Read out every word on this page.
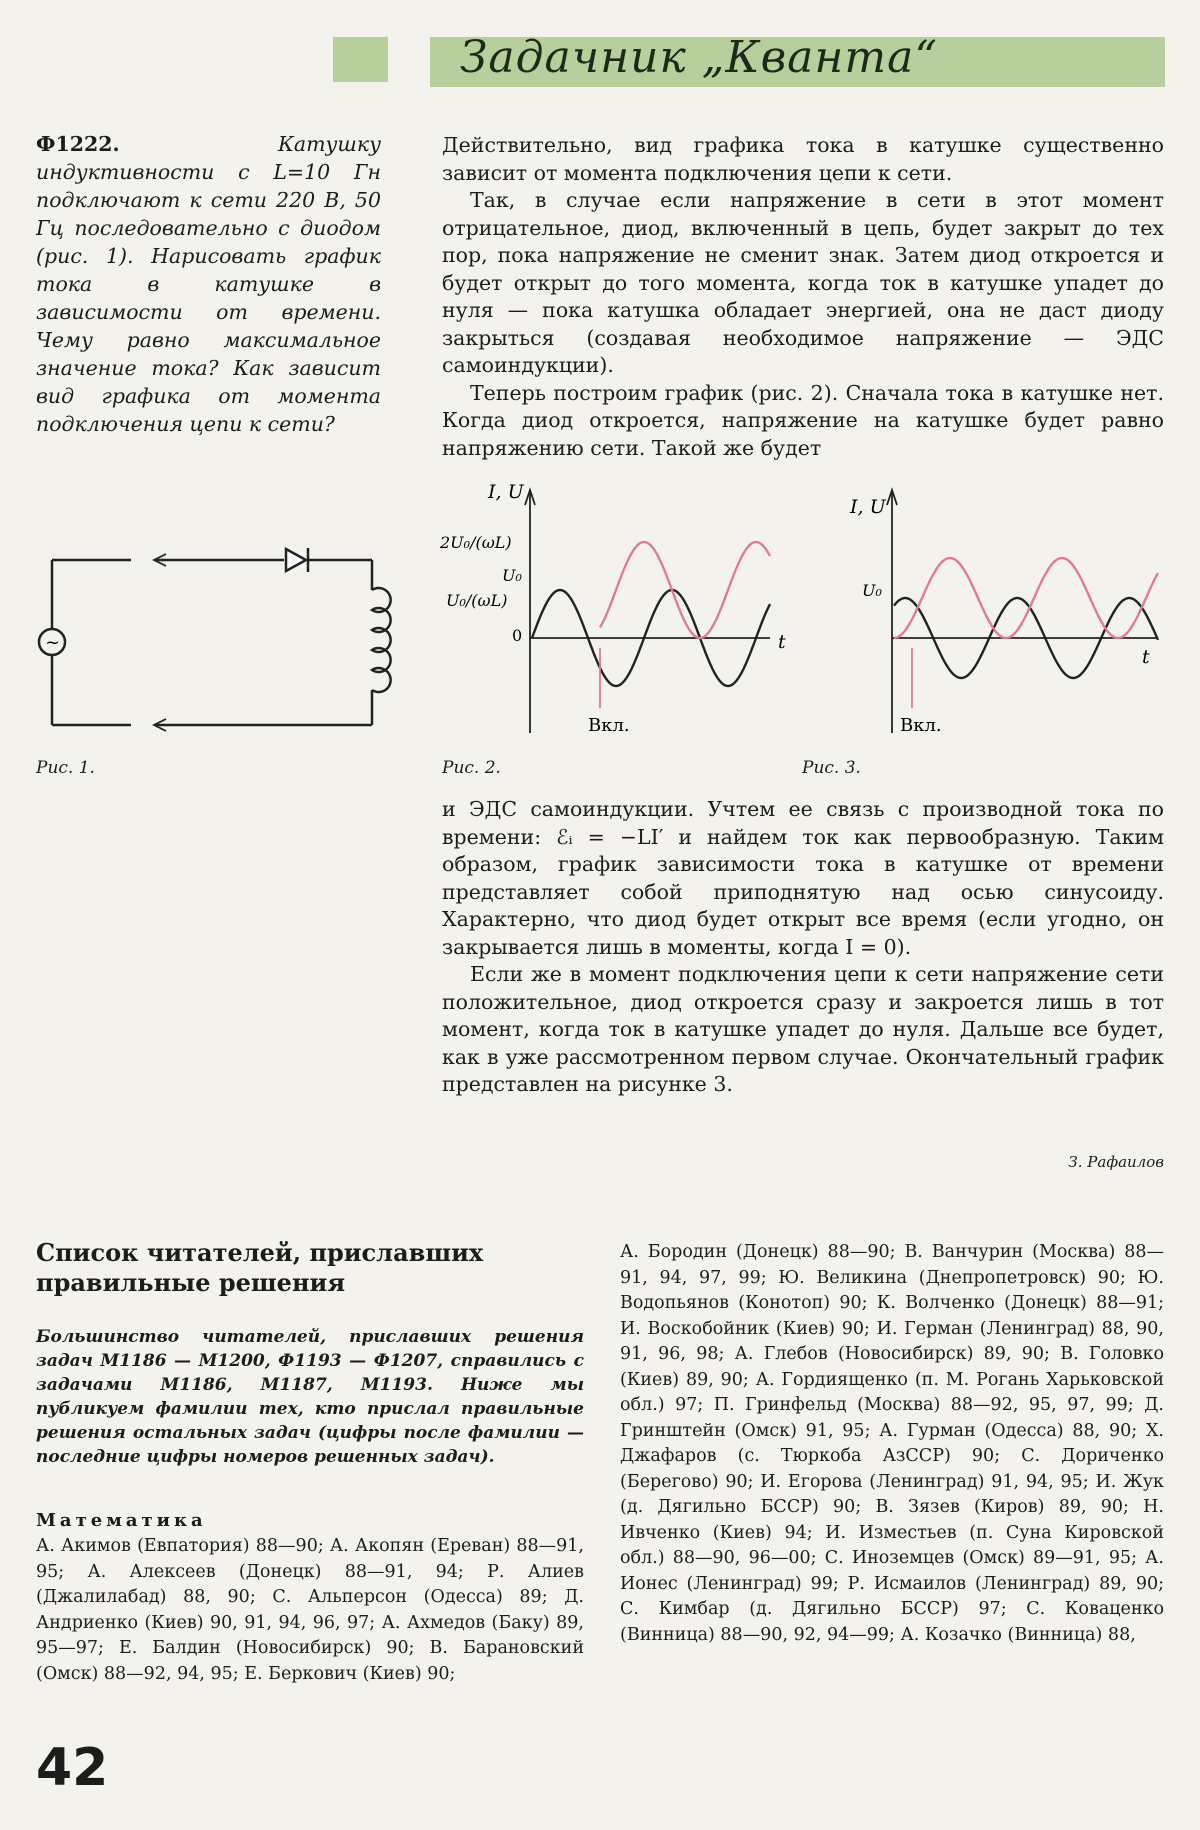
Задачник „Кванта“
Ф1222.	Катушку индуктивности с L=10 Гн подключают к сети 220 В, 50 Гц последовательно с диодом (рис. 1). Нарисовать график тока в катушке в зависимости от времени. Чему равно максимальное значение тока? Как зависит вид графика от момента подключения цепи к сети?

Действительно, вид графика тока в катушке существенно зависит от момента подключения цепи к сети.

Так, в случае если напряжение в сети в этот момент отрицательное, диод, включенный в цепь, будет закрыт до тех пор, пока напряжение не сменит знак. Затем диод откроется и будет открыт до того момента, когда ток в катушке упадет до нуля — пока катушка обладает энергией, она не даст диоду закрыться (создавая необходимое напряжение — ЭДС самоиндукции).

Теперь построим график (рис. 2). Сначала тока в катушке нет. Когда диод откроется, напряжение на катушке будет равно напряжению сети. Такой же будет

~
Рис. 1.
I, U
t
2U₀/(ωL)
U₀/(ωL)
U₀
0
Вкл.
Рис. 2.
I, U
t
U₀
Вкл.
Рис. 3.

и ЭДС самоиндукции. Учтем ее связь с производной тока по времени: ℰᵢ = −LI′ и найдем ток как первообразную. Таким образом, график зависимости тока в катушке от времени представляет собой приподнятую над осью синусоиду. Характерно, что диод будет открыт все время (если угодно, он закрывается лишь в моменты, когда I = 0).

Если же в момент подключения цепи к сети напряжение сети положительное, диод откроется сразу и закроется лишь в тот момент, когда ток в катушке упадет до нуля. Дальше все будет, как в уже рассмотренном первом случае. Окончательный график представлен на рисунке 3.

З. Рафаилов
Список читателей, приславших правильные решения
Большинство читателей, приславших решения задач М1186 — М1200, Ф1193 — Ф1207, справились с задачами М1186, М1187, М1193. Ниже мы публикуем фамилии тех, кто прислал правильные решения остальных задач (цифры после фамилии — последние цифры номеров решенных задач).
Математика
А. Акимов (Евпатория) 88—90; А. Акопян (Ереван) 88—91, 95; А. Алексеев (Донецк) 88—91, 94; Р. Алиев (Джалилабад) 88, 90; С. Альперсон (Одесса) 89; Д. Андриенко (Киев) 90, 91, 94, 96, 97; А. Ахмедов (Баку) 89, 95—97; Е. Балдин (Новосибирск) 90; В. Барановский (Омск) 88—92, 94, 95; Е. Беркович (Киев) 90;
А. Бородин (Донецк) 88—90; В. Ванчурин (Москва) 88—91, 94, 97, 99; Ю. Великина (Днепропетровск) 90; Ю. Водопьянов (Конотоп) 90; К. Волченко (Донецк) 88—91; И. Воскобойник (Киев) 90; И. Герман (Ленинград) 88, 90, 91, 96, 98; А. Глебов (Новосибирск) 89, 90; В. Головко (Киев) 89, 90; А. Гордиященко (п. М. Рогань Харьковской обл.) 97; П. Гринфельд (Москва) 88—92, 95, 97, 99; Д. Гринштейн (Омск) 91, 95; А. Гурман (Одесса) 88, 90; Х. Джафаров (с. Тюркоба АзССР) 90; С. Дориченко (Берегово) 90; И. Егорова (Ленинград) 91, 94, 95; И. Жук (д. Дягильно БССР) 90; В. Зязев (Киров) 89, 90; Н. Ивченко (Киев) 94; И. Изместьев (п. Суна Кировской обл.) 88—90, 96—00; С. Иноземцев (Омск) 89—91, 95; А. Ионес (Ленинград) 99; Р. Исмаилов (Ленинград) 89, 90; С. Кимбар (д. Дягильно БССР) 97; С. Коваценко (Винница) 88—90, 92, 94—99; А. Козачко (Винница) 88,
42
